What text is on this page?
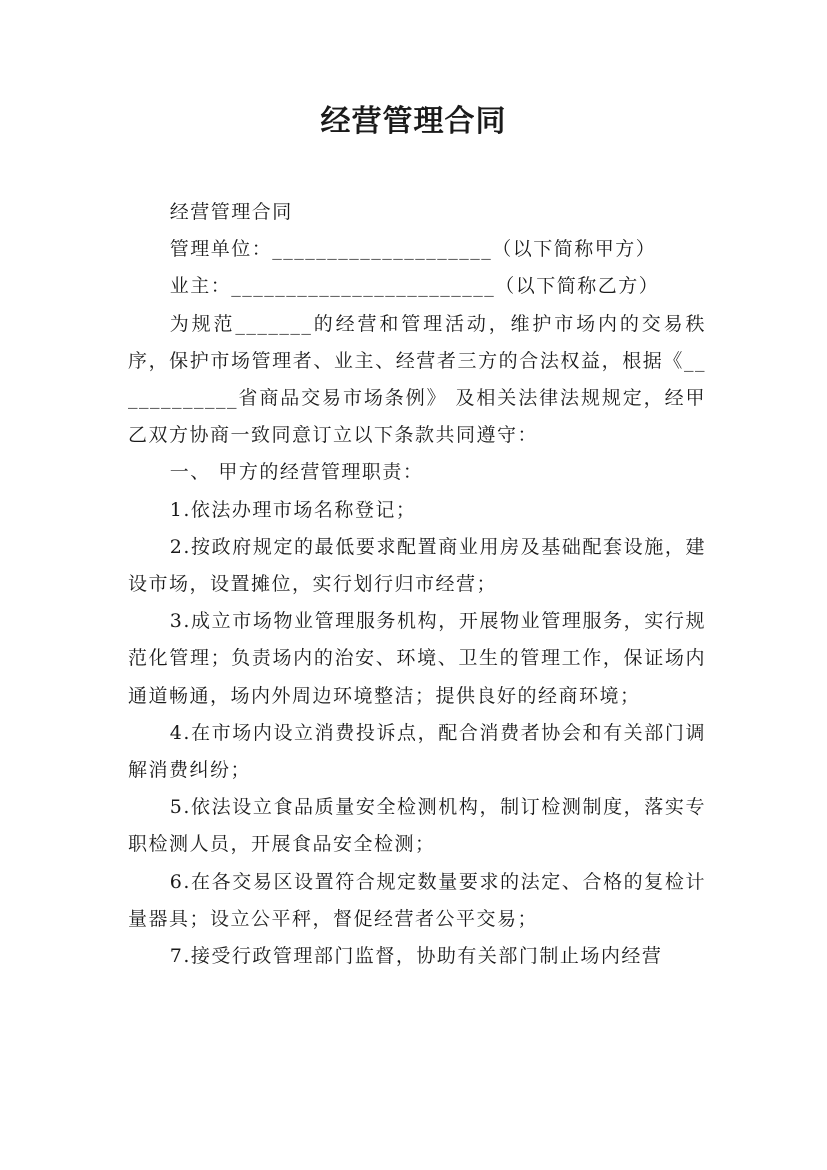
经营管理合同

经营管理合同

管理单位：____________________（以下简称甲方）

业主：________________________（以下简称乙方）

为规范_______的经营和管理活动，维护市场内的交易秩序，保护市场管理者、业主、经营者三方的合法权益，根据《____________省商品交易市场条例》 及相关法律法规规定，经甲乙双方协商一致同意订立以下条款共同遵守：

一、 甲方的经营管理职责：

1.依法办理市场名称登记；

2.按政府规定的最低要求配置商业用房及基础配套设施，建设市场，设置摊位，实行划行归市经营；

3.成立市场物业管理服务机构，开展物业管理服务，实行规范化管理；负责场内的治安、环境、卫生的管理工作，保证场内通道畅通，场内外周边环境整洁；提供良好的经商环境；

4.在市场内设立消费投诉点，配合消费者协会和有关部门调解消费纠纷；

5.依法设立食品质量安全检测机构，制订检测制度，落实专职检测人员，开展食品安全检测；

6.在各交易区设置符合规定数量要求的法定、合格的复检计量器具；设立公平秤，督促经营者公平交易；

7.接受行政管理部门监督，协助有关部门制止场内经营
